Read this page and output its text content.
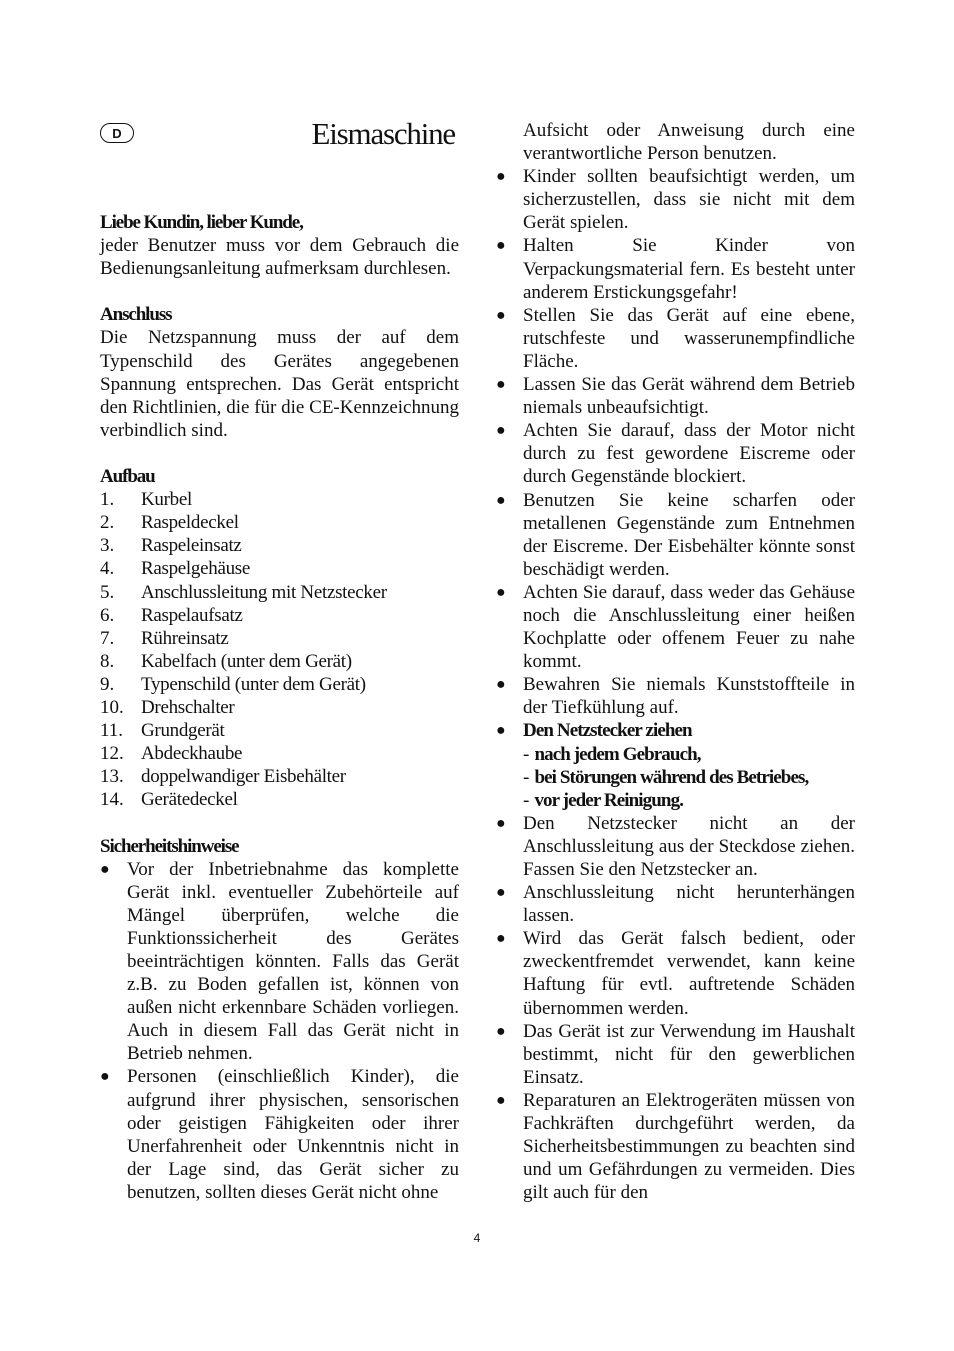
D	Eismaschine

Liebe Kundin, lieber Kunde,

jeder Benutzer muss vor dem Gebrauch die Bedienungsanleitung aufmerksam durchlesen.

Anschluss

Die Netzspannung muss der auf dem Typenschild des Gerätes angegebenen Spannung entsprechen. Das Gerät entspricht den Richtlinien, die für die CE-Kennzeichnung verbindlich sind.

Aufbau

1.	Kurbel
2.	Raspeldeckel
3.	Raspeleinsatz
4.	Raspelgehäuse
5.	Anschlussleitung mit Netzstecker
6.	Raspelaufsatz
7.	Rühreinsatz
8.	Kabelfach (unter dem Gerät)
9.	Typenschild (unter dem Gerät)
10. Drehschalter
11. Grundgerät
12. Abdeckhaube
13. doppelwandiger Eisbehälter
14. Gerätedeckel

Sicherheitshinweise

● Vor der Inbetriebnahme das komplette Gerät inkl. eventueller Zubehörteile auf Mängel überprüfen, welche die Funktionssicherheit des Gerätes beeinträchtigen könnten. Falls das Gerät z.B. zu Boden gefallen ist, können von außen nicht erkennbare Schäden vorliegen. Auch in diesem Fall das Gerät nicht in Betrieb nehmen.
● Personen (einschließlich Kinder), die aufgrund ihrer physischen, sensorischen oder geistigen Fähigkeiten oder ihrer Unerfahrenheit oder Unkenntnis nicht in der Lage sind, das Gerät sicher zu benutzen, sollten dieses Gerät nicht ohne
Aufsicht oder Anweisung durch eine verantwortliche Person benutzen.
● Kinder sollten beaufsichtigt werden, um sicherzustellen, dass sie nicht mit dem Gerät spielen.
● Halten Sie Kinder von Verpackungsmaterial fern. Es besteht unter anderem Erstickungsgefahr!
● Stellen Sie das Gerät auf eine ebene, rutschfeste und wasserunempfindliche Fläche.
● Lassen Sie das Gerät während dem Betrieb niemals unbeaufsichtigt.
● Achten Sie darauf, dass der Motor nicht durch zu fest gewordene Eiscreme oder durch Gegenstände blockiert.
● Benutzen Sie keine scharfen oder metallenen Gegenstände zum Entnehmen der Eiscreme. Der Eisbehälter könnte sonst beschädigt werden.
● Achten Sie darauf, dass weder das Gehäuse noch die Anschlussleitung einer heißen Kochplatte oder offenem Feuer zu nahe kommt.
● Bewahren Sie niemals Kunststoffteile in der Tiefkühlung auf.
● Den Netzstecker ziehen
- nach jedem Gebrauch,
- bei Störungen während des Betriebes,
- vor jeder Reinigung.
● Den Netzstecker nicht an der Anschlussleitung aus der Steckdose ziehen. Fassen Sie den Netzstecker an.
● Anschlussleitung nicht herunterhängen lassen.
● Wird das Gerät falsch bedient, oder zweckentfremdet verwendet, kann keine Haftung für evtl. auftretende Schäden übernommen werden.
● Das Gerät ist zur Verwendung im Haushalt bestimmt, nicht für den gewerblichen Einsatz.
● Reparaturen an Elektrogeräten müssen von Fachkräften durchgeführt werden, da Sicherheitsbestimmungen zu beachten sind und um Gefährdungen zu vermeiden. Dies gilt auch für den
4
